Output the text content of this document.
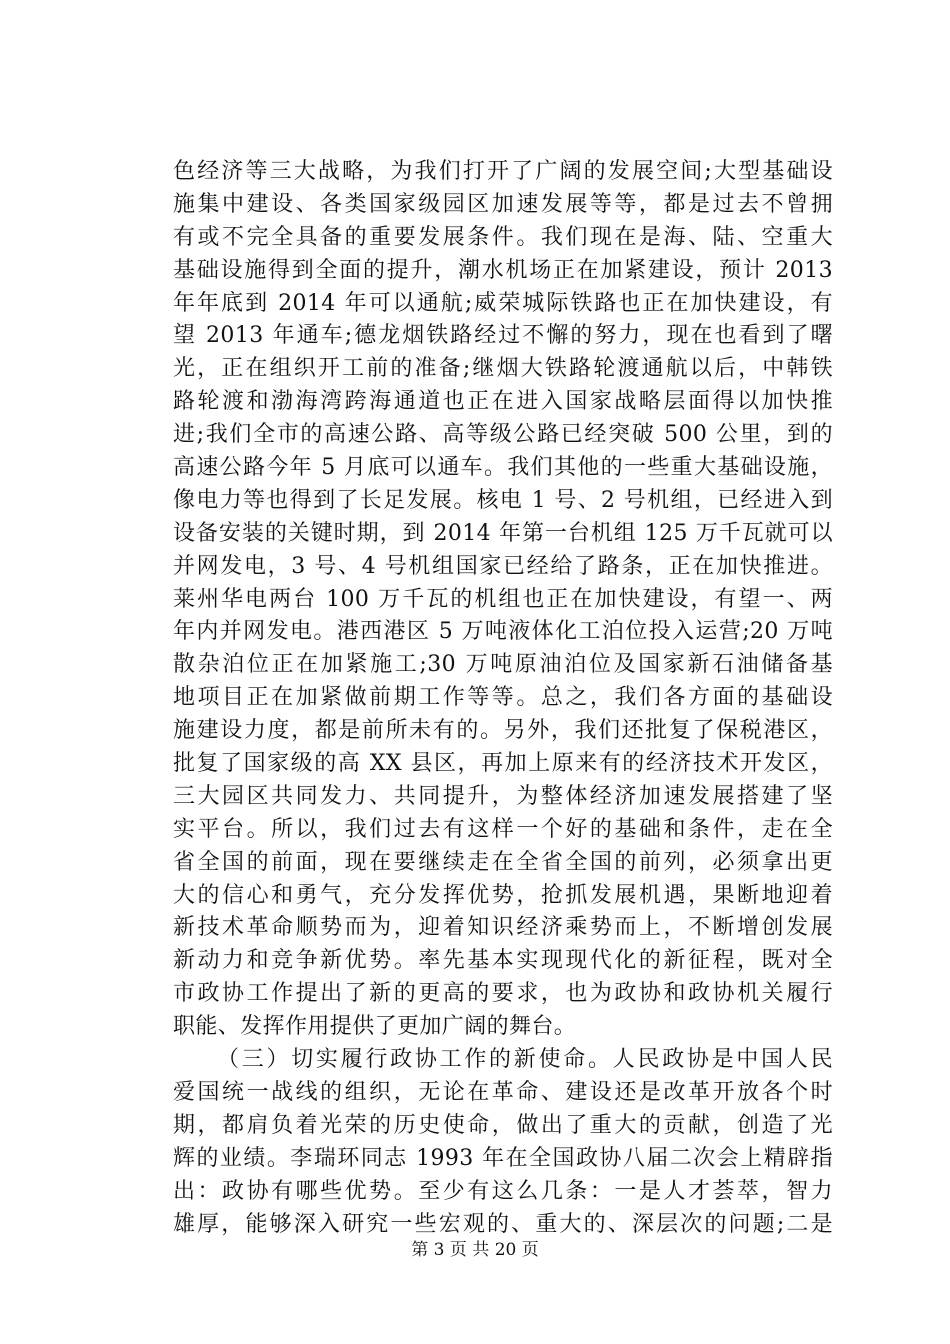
色经济等三大战略，为我们打开了广阔的发展空间;大型基础设
施集中建设、各类国家级园区加速发展等等，都是过去不曾拥
有或不完全具备的重要发展条件。我们现在是海、陆、空重大
基础设施得到全面的提升，潮水机场正在加紧建设，预计 2013
年年底到 2014 年可以通航;威荣城际铁路也正在加快建设，有
望 2013 年通车;德龙烟铁路经过不懈的努力，现在也看到了曙
光，正在组织开工前的准备;继烟大铁路轮渡通航以后，中韩铁
路轮渡和渤海湾跨海通道也正在进入国家战略层面得以加快推
进;我们全市的高速公路、高等级公路已经突破 500 公里，到的
高速公路今年 5 月底可以通车。我们其他的一些重大基础设施，
像电力等也得到了长足发展。核电 1 号、2 号机组，已经进入到
设备安装的关键时期，到 2014 年第一台机组 125 万千瓦就可以
并网发电，3 号、4 号机组国家已经给了路条，正在加快推进。
莱州华电两台 100 万千瓦的机组也正在加快建设，有望一、两
年内并网发电。港西港区 5 万吨液体化工泊位投入运营;20 万吨
散杂泊位正在加紧施工;30 万吨原油泊位及国家新石油储备基
地项目正在加紧做前期工作等等。总之，我们各方面的基础设
施建设力度，都是前所未有的。另外，我们还批复了保税港区，
批复了国家级的高 XX 县区，再加上原来有的经济技术开发区，
三大园区共同发力、共同提升，为整体经济加速发展搭建了坚
实平台。所以，我们过去有这样一个好的基础和条件，走在全
省全国的前面，现在要继续走在全省全国的前列，必须拿出更
大的信心和勇气，充分发挥优势，抢抓发展机遇，果断地迎着
新技术革命顺势而为，迎着知识经济乘势而上，不断增创发展
新动力和竞争新优势。率先基本实现现代化的新征程，既对全
市政协工作提出了新的更高的要求，也为政协和政协机关履行
职能、发挥作用提供了更加广阔的舞台。
（三）切实履行政协工作的新使命。人民政协是中国人民
爱国统一战线的组织，无论在革命、建设还是改革开放各个时
期，都肩负着光荣的历史使命，做出了重大的贡献，创造了光
辉的业绩。李瑞环同志 1993 年在全国政协八届二次会上精辟指
出：政协有哪些优势。至少有这么几条：一是人才荟萃，智力
雄厚，能够深入研究一些宏观的、重大的、深层次的问题;二是
第 3 页 共 20 页
